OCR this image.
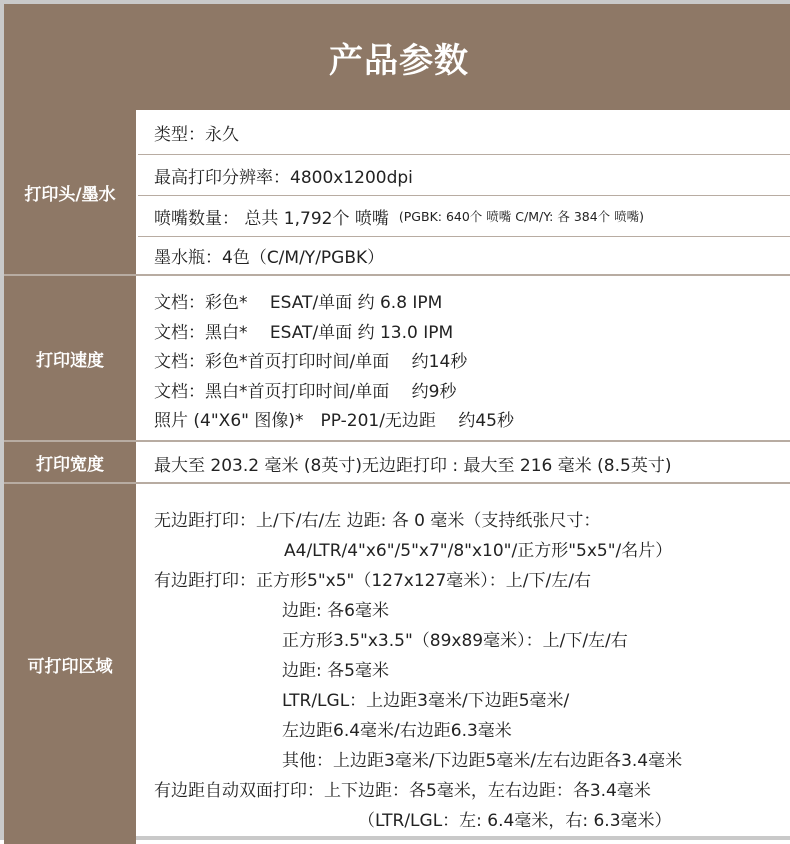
产品参数
打印头/墨水
类型：永久
最高打印分辨率：4800x1200dpi
喷嘴数量： 总共 1,792个 喷嘴 (PGBK: 640个 喷嘴 C/M/Y: 各 384个 喷嘴)
墨水瓶：4色（C/M/Y/PGBK）
打印速度
文档：彩色*　 ESAT/单面 约 6.8 IPM
文档：黑白*　 ESAT/单面 约 13.0 IPM
文档：彩色*首页打印时间/单面　 约14秒
文档：黑白*首页打印时间/单面　 约9秒
照片 (4"X6" 图像)*　PP-201/无边距　 约45秒
打印宽度	最大至 203.2 毫米 (8英寸)无边距打印 : 最大至 216 毫米 (8.5英寸)
可打印区域
无边距打印：上/下/右/左 边距: 各 0 毫米（支持纸张尺寸：
A4/LTR/4"x6"/5"x7"/8"x10"/正方形"5x5"/名片）
有边距打印：正方形5"x5"（127x127毫米）：上/下/左/右
边距: 各6毫米
正方形3.5"x3.5"（89x89毫米）：上/下/左/右
边距: 各5毫米
LTR/LGL：上边距3毫米/下边距5毫米/
左边距6.4毫米/右边距6.3毫米
其他：上边距3毫米/下边距5毫米/左右边距各3.4毫米
有边距自动双面打印：上下边距：各5毫米，左右边距：各3.4毫米
（LTR/LGL：左: 6.4毫米，右: 6.3毫米）
